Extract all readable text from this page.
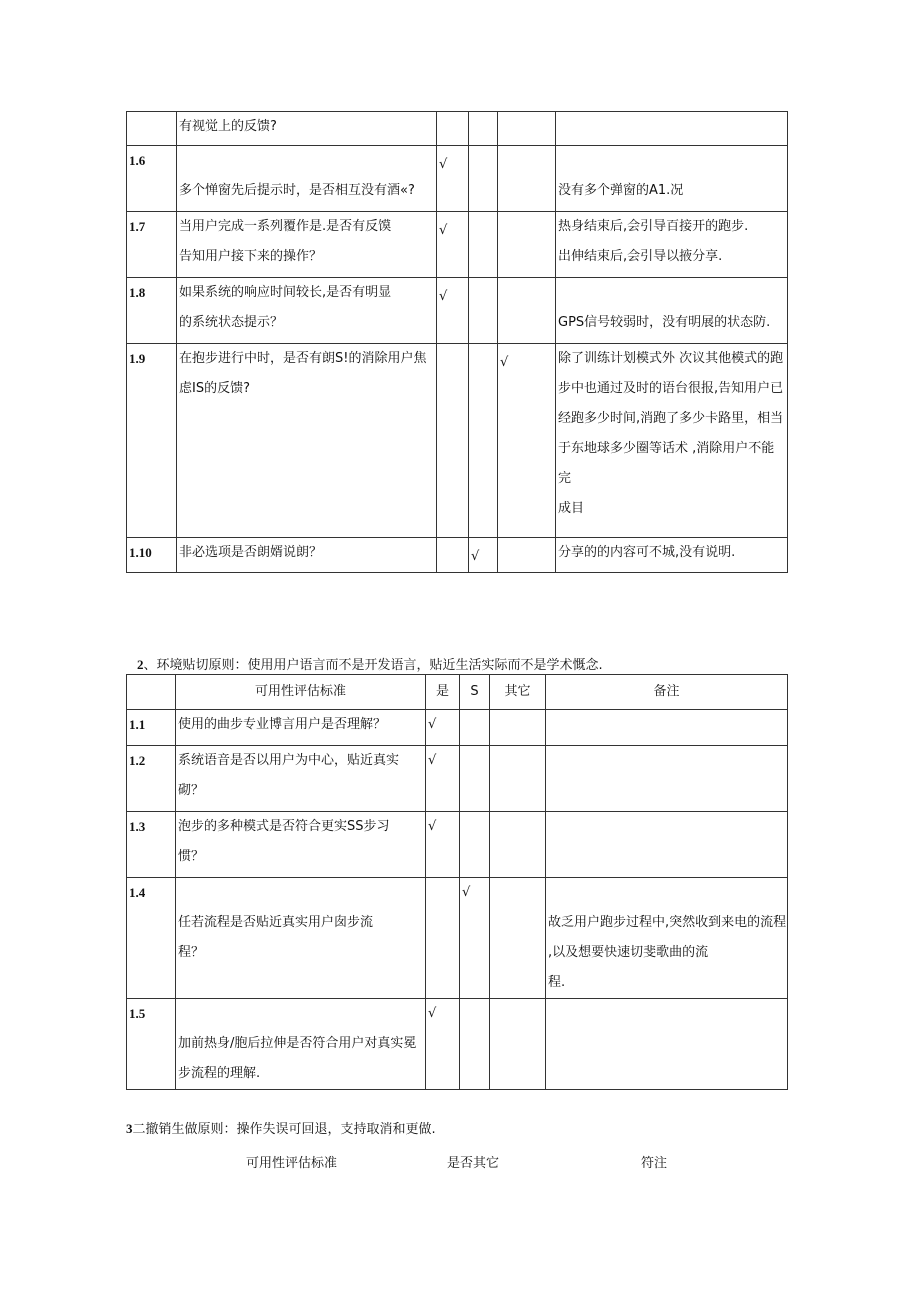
	有视觉上的反馈?				

1.6	多个惮窗先后提示时，是否相互没有酒«?	√			没有多个弹窗的A1.况

1.7	当用户完成一系列覆作是.是否有反馍
告知用户接下来的操作？	√			热身结束后,会引导百接开的跑步.
岀伸结束后,会引导以掖分享.

1.8	如果系统的响应时间较长,是否有明显
的系统状态提示？	√			GPS信号较弱时，没有明展的状态防.

1.9	在抱步进行中时，是否有朗S!的消除用户焦
虑IS的反馈?			√	除了训练计划模式外 次议其他模式的跑
步中也通过及时的语台很报,告知用户已
经跑多少时间,消跑了多少卡路里，相当
于东地球多少圈等话术 ,消除用户不能完
成目

1.10	非必选项是否朗婿说朗？		√		分享的的内容可不城,没有说明.
2、环境贴切原则：使用用户语言而不是开发语言，贴近生活实际而不是学术慨念.
	可用性评估标准	是	S	其它	备注
1.1	使用的曲步专业博言用户是否理解？	√			
1.2	系统语音是否以用户为中心，贴近真实
砌？	√			
1.3	泡步的多种模式是否符合更实SS步习
惯？	√			
1.4	任若流程是否贴近真实用户囱步流
程？		√		故乏用户跑步过程中,突然收到来电的流程
,以及想要快速切斐歌曲的流
程.

1.5	加前热身/胞后拉伸是否符合用户对真实冕
步流程的理解.	√			
3二撤销生做原则：操作失误可回退，支持取消和更做.
可用性评估标准	是否其它	符注
